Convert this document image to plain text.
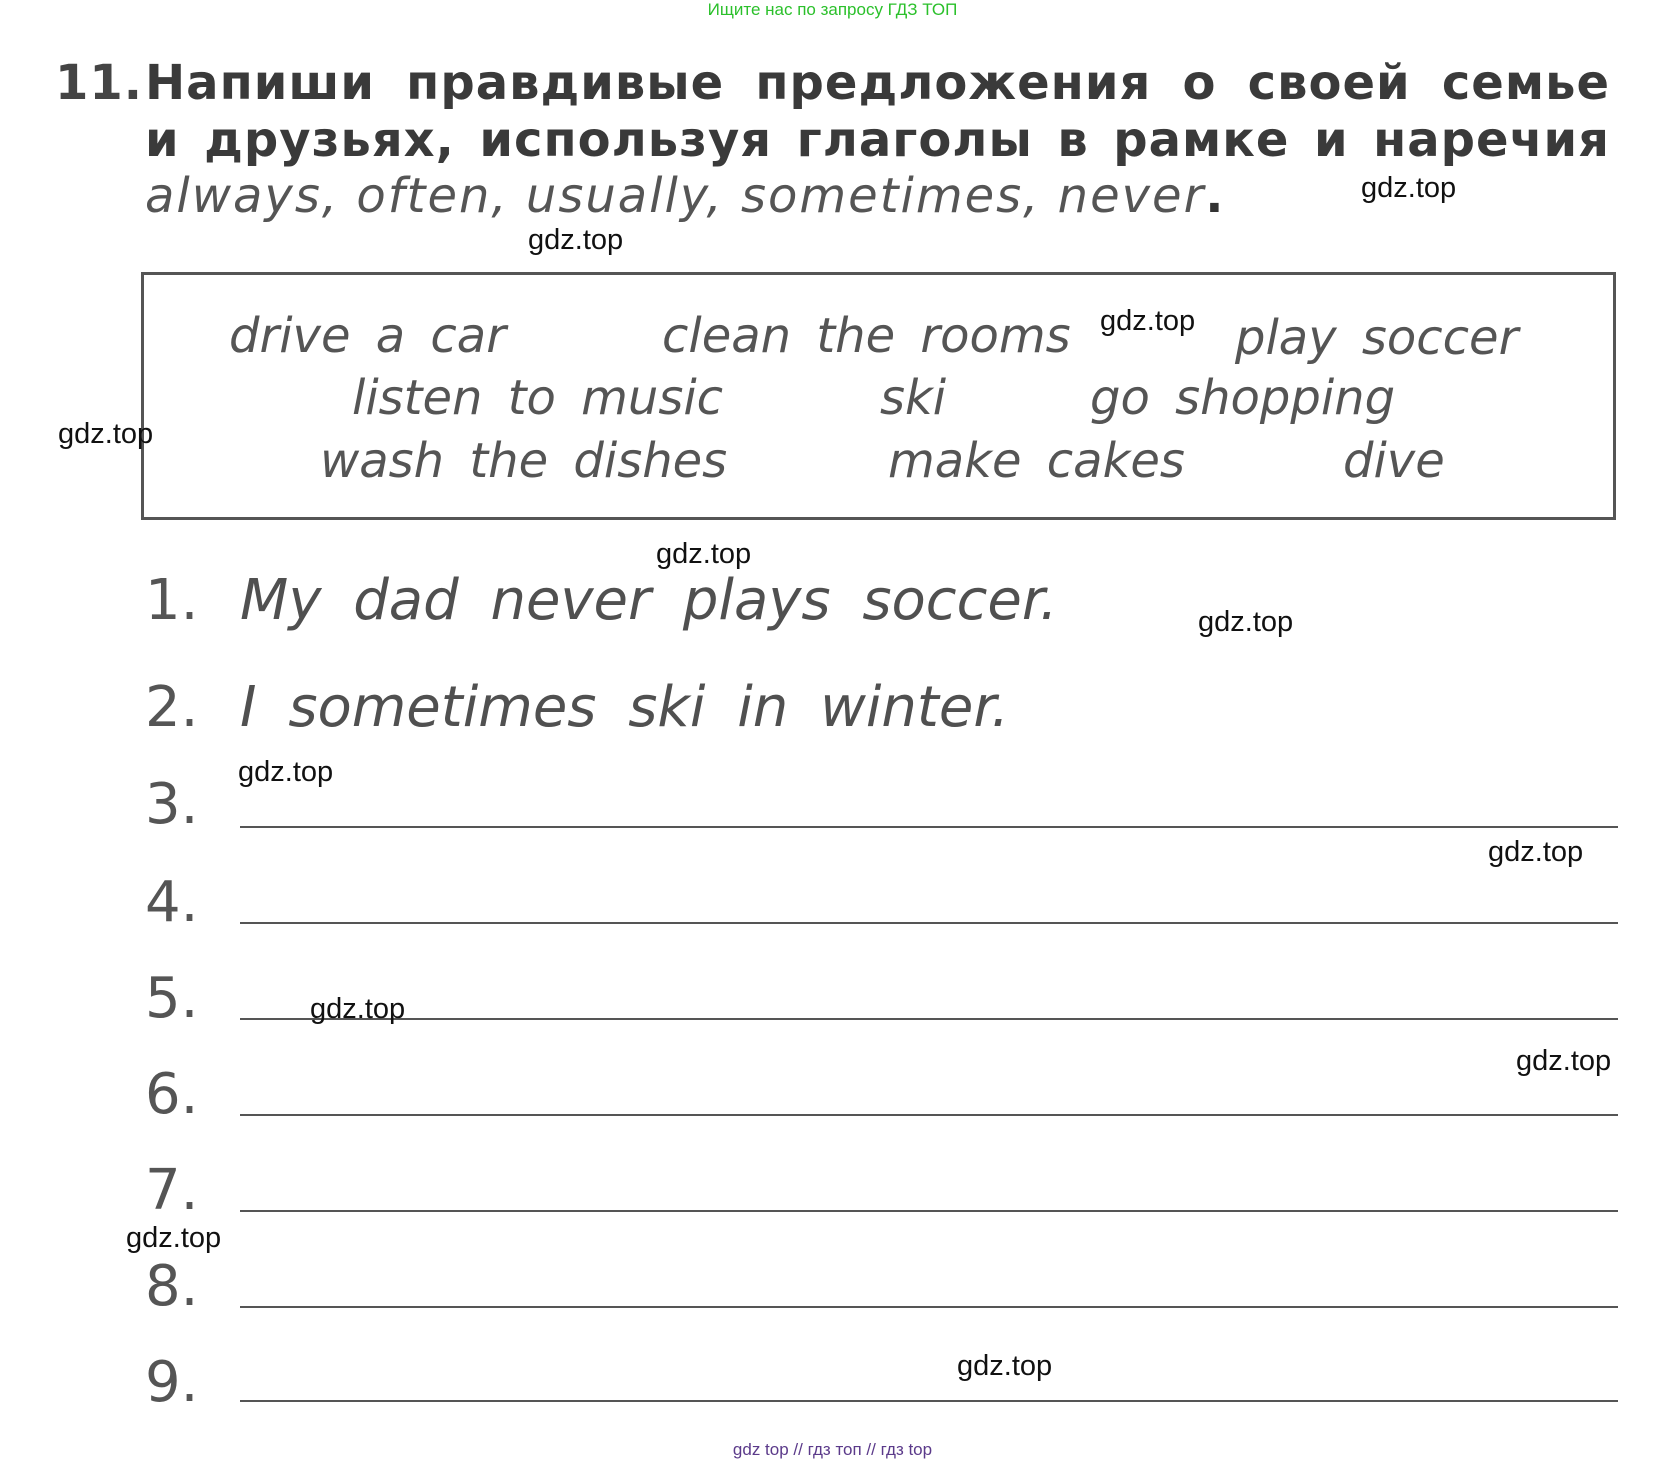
Ищите нас по запросу ГДЗ ТОП
11. Напиши правдивые предложения о своей семье
и друзьях, используя глаголы в рамке и наречия
always, often, usually, sometimes, never.
drive a car	clean the rooms	play soccer
listen to music	ski	go shopping
wash the dishes	make cakes	dive
1. My dad never plays soccer.
2. I sometimes ski in winter.
3.
4.
5.
6.
7.
8.
9.
gdz.top
gdz.top
gdz.top
gdz.top
gdz.top
gdz.top
gdz.top
gdz.top
gdz.top
gdz.top
gdz.top
gdz.top
gdz top // гдз топ // гдз top
